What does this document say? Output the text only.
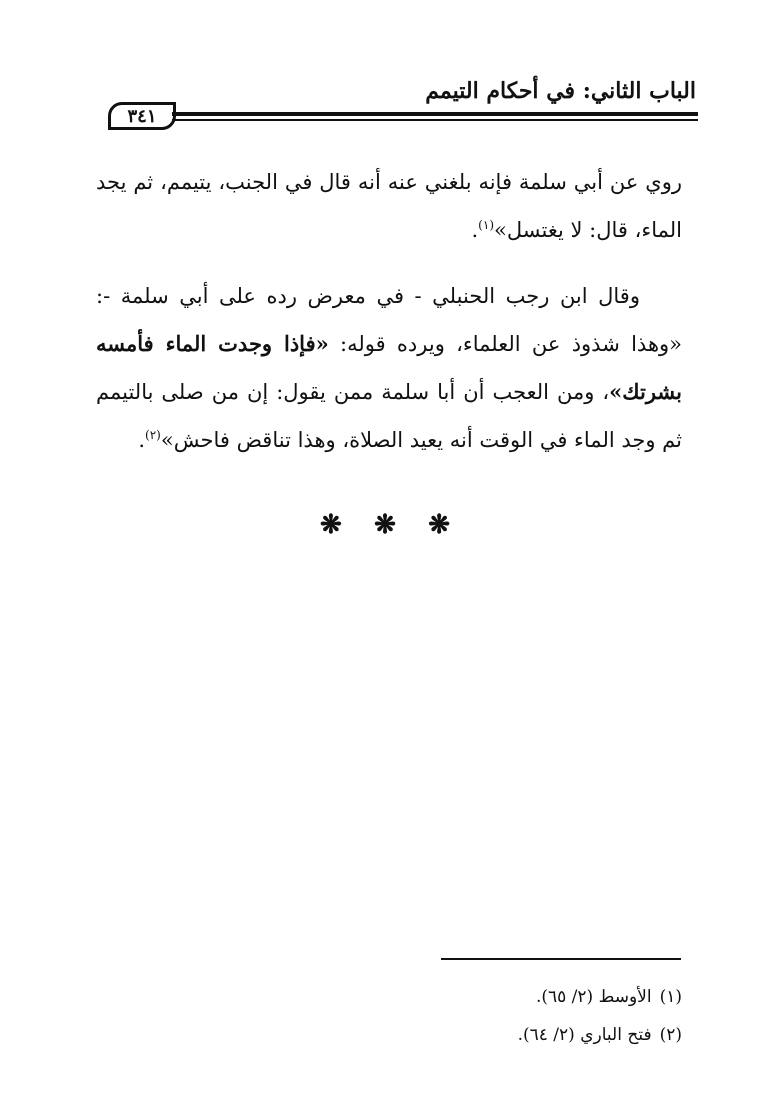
الباب الثاني: في أحكام التيمم
٣٤١

روي عن أبي سلمة فإنه بلغني عنه أنه قال في الجنب، يتيمم، ثم يجد الماء، قال: لا يغتسل»$^{(١)}$.

وقال ابن رجب الحنبلي - في معرض رده على أبي سلمة -: «وهذا شذوذ عن العلماء، ويرده قوله: «فإذا وجدت الماء فأمسه بشرتك»، ومن العجب أن أبا سلمة ممن يقول: إن من صلى بالتيمم ثم وجد الماء في الوقت أنه يعيد الصلاة، وهذا تناقض فاحش»$^{(٢)}$.

❋ ❋ ❋
(١)الأوسط (٢/ ٦٥).
(٢)فتح الباري (٢/ ٦٤).
